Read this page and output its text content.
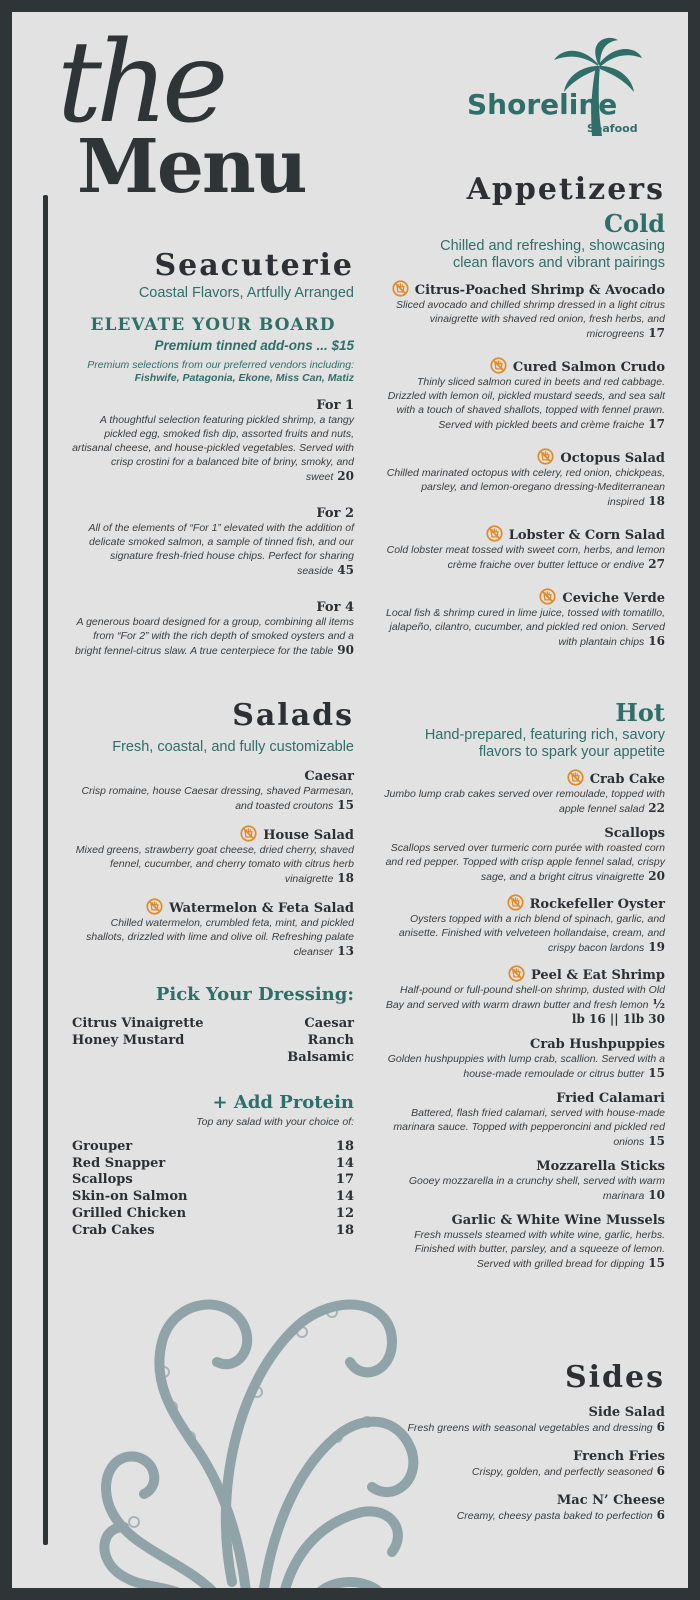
the
Menu
Shoreline
Seafood
Seacuterie
Coastal Flavors, Artfully Arranged
ELEVATE YOUR BOARD
Premium tinned add-ons ... $15
Premium selections from our preferred vendors including:
Fishwife, Patagonia, Ekone, Miss Can, Matiz
For 1
A thoughtful selection featuring pickled shrimp, a tangy pickled egg, smoked fish dip, assorted fruits and nuts, artisanal cheese, and house-pickled vegetables. Served with crisp crostini for a balanced bite of briny, smoky, and sweet 20
For 2
All of the elements of “For 1” elevated with the addition of delicate smoked salmon, a sample of tinned fish, and our signature fresh-fried house chips. Perfect for sharing seaside 45
For 4
A generous board designed for a group, combining all items from “For 2” with the rich depth of smoked oysters and a bright fennel-citrus slaw. A true centerpiece for the table 90
Salads
Fresh, coastal, and fully customizable
Caesar
Crisp romaine, house Caesar dressing, shaved Parmesan, and toasted croutons 15
House Salad
Mixed greens, strawberry goat cheese, dried cherry, shaved fennel, cucumber, and cherry tomato with citrus herb vinaigrette 18
Watermelon & Feta Salad
Chilled watermelon, crumbled feta, mint, and pickled shallots, drizzled with lime and olive oil. Refreshing palate cleanser 13
Pick Your Dressing:
Citrus Vinaigrette
Honey Mustard
Caesar
Ranch
Balsamic
+ Add Protein
Top any salad with your choice of:
Grouper	18
Red Snapper	14
Scallops	17
Skin-on Salmon	14
Grilled Chicken	12
Crab Cakes	18
Appetizers
Cold
Chilled and refreshing, showcasing clean flavors and vibrant pairings
Citrus-Poached Shrimp & Avocado
Sliced avocado and chilled shrimp dressed in a light citrus vinaigrette with shaved red onion, fresh herbs, and microgreens 17
Cured Salmon Crudo
Thinly sliced salmon cured in beets and red cabbage. Drizzled with lemon oil, pickled mustard seeds, and sea salt with a touch of shaved shallots, topped with fennel prawn. Served with pickled beets and crème fraiche 17
Octopus Salad
Chilled marinated octopus with celery, red onion, chickpeas, parsley, and lemon-oregano dressing-Mediterranean inspired 18
Lobster & Corn Salad
Cold lobster meat tossed with sweet corn, herbs, and lemon crème fraiche over butter lettuce or endive 27
Ceviche Verde
Local fish & shrimp cured in lime juice, tossed with tomatillo, jalapeño, cilantro, cucumber, and pickled red onion. Served with plantain chips 16
Hot
Hand-prepared, featuring rich, savory flavors to spark your appetite
Crab Cake
Jumbo lump crab cakes served over remoulade, topped with apple fennel salad 22
Scallops
Scallops served over turmeric corn purée with roasted corn and red pepper. Topped with crisp apple fennel salad, crispy sage, and a bright citrus vinaigrette 20
Rockefeller Oyster
Oysters topped with a rich blend of spinach, garlic, and anisette. Finished with velveteen hollandaise, cream, and crispy bacon lardons 19
Peel & Eat Shrimp
Half-pound or full-pound shell-on shrimp, dusted with Old Bay and served with warm drawn butter and fresh lemon ½ lb 16 || 1lb 30
Crab Hushpuppies
Golden hushpuppies with lump crab, scallion. Served with a house-made remoulade or citrus butter 15
Fried Calamari
Battered, flash fried calamari, served with house-made marinara sauce. Topped with pepperoncini and pickled red onions 15
Mozzarella Sticks
Gooey mozzarella in a crunchy shell, served with warm marinara 10
Garlic & White Wine Mussels
Fresh mussels steamed with white wine, garlic, herbs. Finished with butter, parsley, and a squeeze of lemon. Served with grilled bread for dipping 15
Sides
Side Salad
Fresh greens with seasonal vegetables and dressing 6
French Fries
Crispy, golden, and perfectly seasoned 6
Mac N’ Cheese
Creamy, cheesy pasta baked to perfection 6
